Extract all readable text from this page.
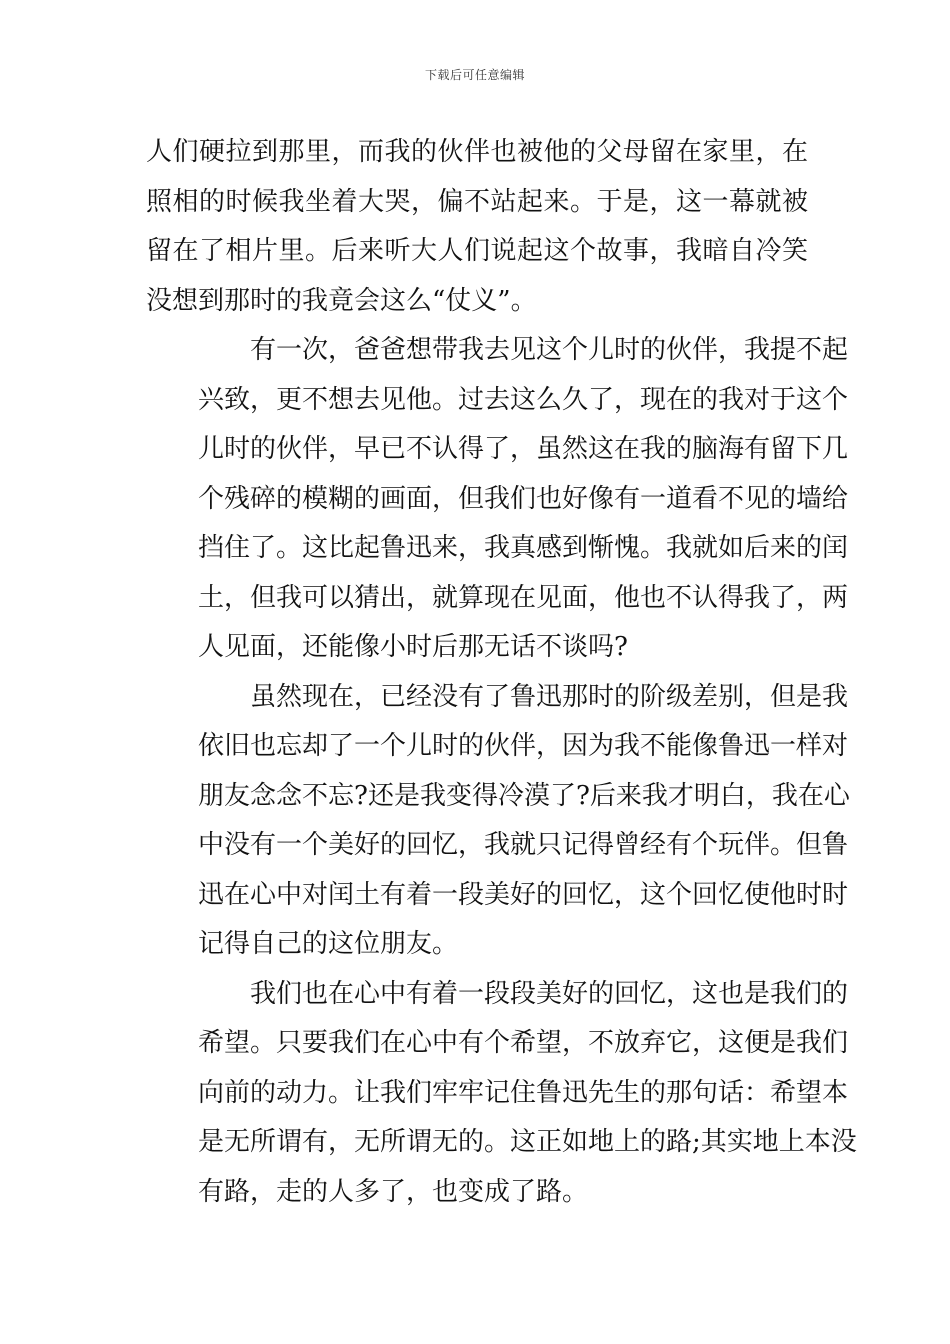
下载后可任意编辑

人们硬拉到那里，而我的伙伴也被他的父母留在家里，在
照相的时候我坐着大哭，偏不站起来。于是，这一幕就被
留在了相片里。后来听大人们说起这个故事，我暗自冷笑
没想到那时的我竟会这么“仗义”。

有一次，爸爸想带我去见这个儿时的伙伴，我提不起
兴致，更不想去见他。过去这么久了，现在的我对于这个
儿时的伙伴，早已不认得了，虽然这在我的脑海有留下几
个残碎的模糊的画面，但我们也好像有一道看不见的墙给
挡住了。这比起鲁迅来，我真感到惭愧。我就如后来的闰
土，但我可以猜出，就算现在见面，他也不认得我了，两
人见面，还能像小时后那无话不谈吗?

虽然现在，已经没有了鲁迅那时的阶级差别，但是我
依旧也忘却了一个儿时的伙伴，因为我不能像鲁迅一样对
朋友念念不忘?还是我变得冷漠了?后来我才明白，我在心
中没有一个美好的回忆，我就只记得曾经有个玩伴。但鲁
迅在心中对闰土有着一段美好的回忆，这个回忆使他时时
记得自己的这位朋友。

我们也在心中有着一段段美好的回忆，这也是我们的
希望。只要我们在心中有个希望，不放弃它，这便是我们
向前的动力。让我们牢牢记住鲁迅先生的那句话：希望本
是无所谓有，无所谓无的。这正如地上的路;其实地上本没
有路，走的人多了，也变成了路。
